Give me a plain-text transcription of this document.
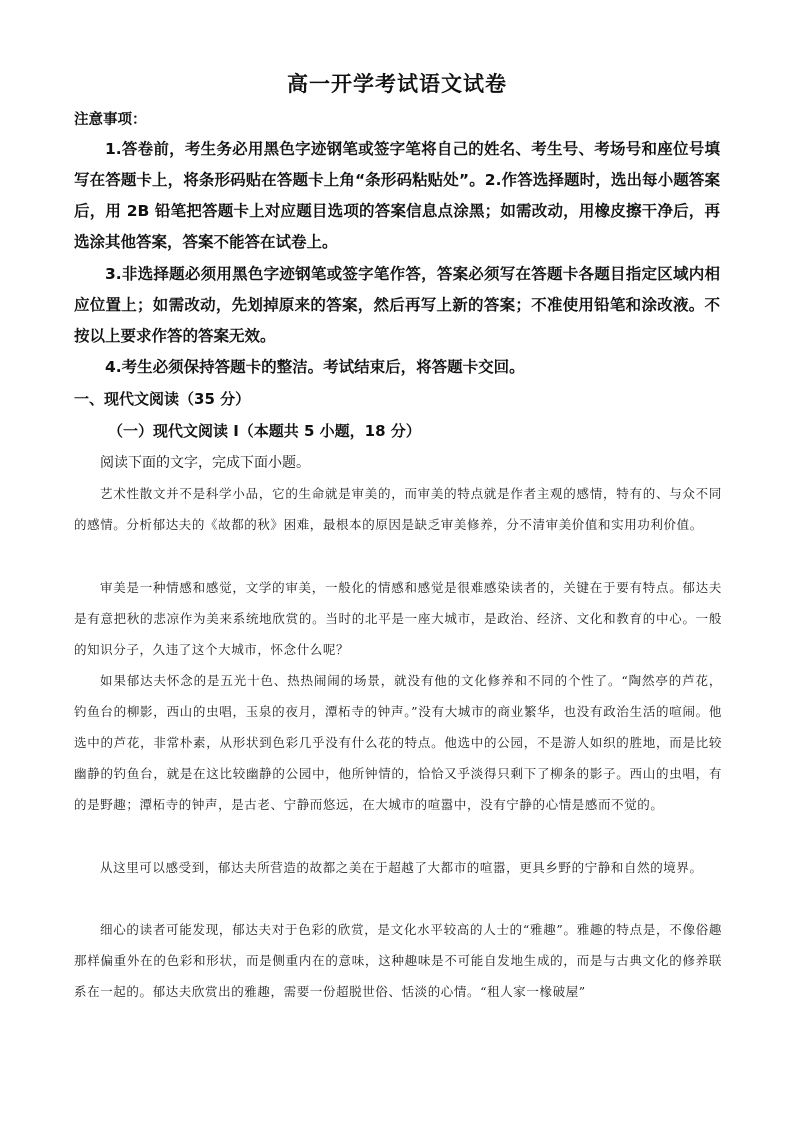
高一开学考试语文试卷
注意事项：

1.答卷前，考生务必用黑色字迹钢笔或签字笔将自己的姓名、考生号、考场号和座位号填写在答题卡上，将条形码贴在答题卡上角“条形码粘贴处”。2.作答选择题时，选出每小题答案后，用 2B 铅笔把答题卡上对应题目选项的答案信息点涂黑；如需改动，用橡皮擦干净后，再选涂其他答案，答案不能答在试卷上。

3.非选择题必须用黑色字迹钢笔或签字笔作答，答案必须写在答题卡各题目指定区域内相应位置上；如需改动，先划掉原来的答案，然后再写上新的答案；不准使用铅笔和涂改液。不按以上要求作答的答案无效。

4.考生必须保持答题卡的整洁。考试结束后，将答题卡交回。

一、现代文阅读（35 分）
（一）现代文阅读 Ⅰ（本题共 5 小题，18 分）
阅读下面的文字，完成下面小题。

艺术性散文并不是科学小品，它的生命就是审美的，而审美的特点就是作者主观的感情，特有的、与众不同的感情。分析郁达夫的《故都的秋》困难，最根本的原因是缺乏审美修养，分不清审美价值和实用功利价值。

审美是一种情感和感觉，文学的审美，一般化的情感和感觉是很难感染读者的，关键在于要有特点。郁达夫是有意把秋的悲凉作为美来系统地欣赏的。当时的北平是一座大城市，是政治、经济、文化和教育的中心。一般的知识分子，久违了这个大城市，怀念什么呢？

如果郁达夫怀念的是五光十色、热热闹闹的场景，就没有他的文化修养和不同的个性了。“陶然亭的芦花，钓鱼台的柳影，西山的虫唱，玉泉的夜月，潭柘寺的钟声。”没有大城市的商业繁华，也没有政治生活的喧闹。他选中的芦花，非常朴素，从形状到色彩几乎没有什么花的特点。他选中的公园，不是游人如织的胜地，而是比较幽静的钓鱼台，就是在这比较幽静的公园中，他所钟情的，恰恰又乎淡得只剩下了柳条的影子。西山的虫唱，有的是野趣；潭柘寺的钟声，是古老、宁静而悠远，在大城市的喧嚣中，没有宁静的心情是感而不觉的。

从这里可以感受到，郁达夫所营造的故都之美在于超越了大都市的喧嚣，更具乡野的宁静和自然的境界。

细心的读者可能发现，郁达夫对于色彩的欣赏，是文化水平较高的人士的“雅趣”。雅趣的特点是，不像俗趣那样偏重外在的色彩和形状，而是侧重内在的意味，这种趣味是不可能自发地生成的，而是与古典文化的修养联系在一起的。郁达夫欣赏出的雅趣，需要一份超脱世俗、恬淡的心情。“租人家一椽破屋”
